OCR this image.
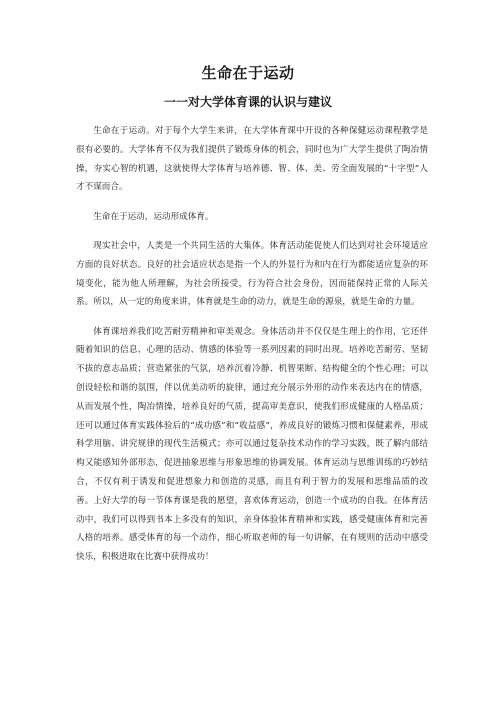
生命在于运动
一一对大学体育课的认识与建议

生命在于运动。对于每个大学生来讲，在大学体育课中开设的各种保健运动课程教学是很有必要的。大学体育不仅为我们提供了锻炼身体的机会，同时也为广大学生提供了陶冶情操，夯实心智的机遇，这就使得大学体育与培养德、智、体、美、劳全面发展的“十字型”人才不谋而合。

生命在于运动，运动形成体育。

现实社会中，人类是一个共同生活的大集体。体育活动能促使人们达到对社会环境适应方面的良好状态。良好的社会适应状态是指一个人的外显行为和内在行为都能适应复杂的环境变化，能为他人所理解，为社会所接受，行为符合社会身份，因而能保持正常的人际关系。所以，从一定的角度来讲，体育就是生命的动力，就是生命的源泉，就是生命的力量。

体育课培养我们吃苦耐劳精神和审美观念。身体活动并不仅仅是生理上的作用，它还伴随着知识的信息、心理的活动、情感的体验等一系列因素的同时出现。培养吃苦耐劳、坚韧不拔的意志品质；营造紧张的气氛，培养沉着冷静、机智果断、结构健全的个性心理；可以创设轻松和谐的氛围，伴以优美动听的旋律，通过充分展示外形的动作来表达内在的情感，从而发展个性，陶冶情操，培养良好的气质，提高审美意识，使我们形成健康的人格品质；还可以通过体育实践体验后的“成功感”和“收益感”，养成良好的锻炼习惯和保健素养，形成科学用脑、讲究规律的现代生活模式；亦可以通过复杂技术动作的学习实践，既了解内部结构又能感知外部形态，促进抽象思维与形象思维的协调发展。体育运动与思维训练的巧妙结合，不仅有利于诱发和促进想象力和创造的灵感，而且有利于智力的发展和思维品质的改善。上好大学的每一节体育课是我的愿望，喜欢体育运动，创造一个成功的自我。在体育活动中，我们可以得到书本上多没有的知识，亲身体验体育精神和实践，感受健康体育和完善人格的培养。感受体育的每一个动作，细心听取老师的每一句讲解，在有规则的活动中感受快乐，积极进取在比赛中获得成功！
